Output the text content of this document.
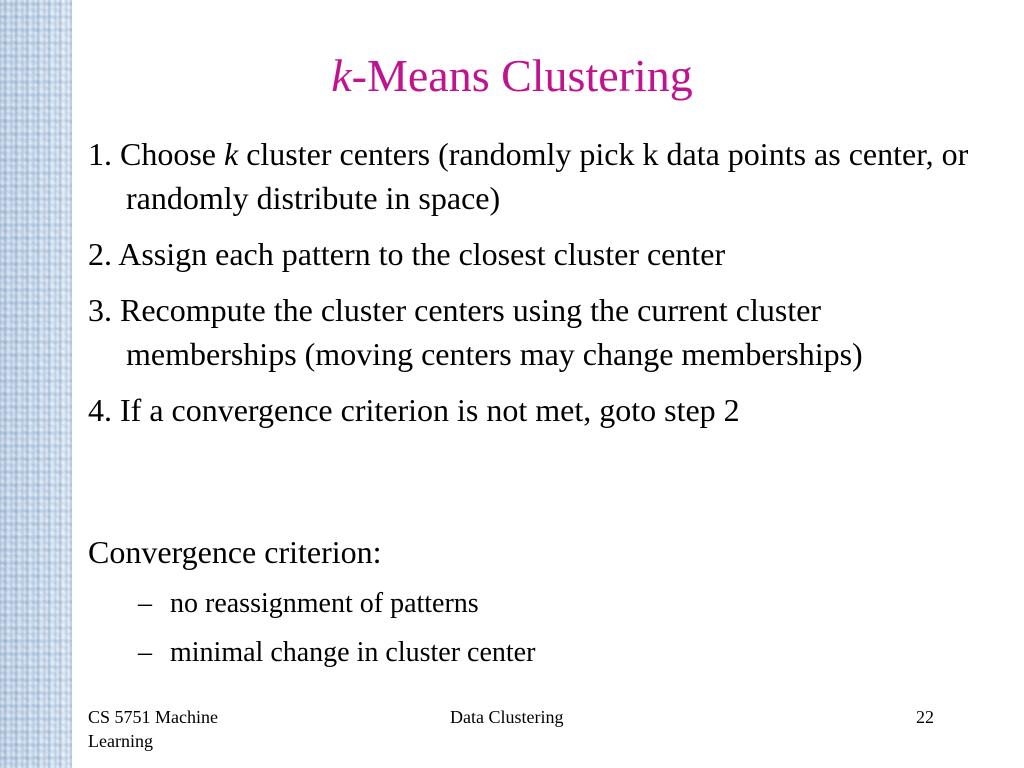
k-Means Clustering
1. Choose k cluster centers (randomly pick k data points as center, or randomly distribute in space)
2. Assign each pattern to the closest cluster center
3. Recompute the cluster centers using the current cluster memberships (moving centers may change memberships)
4. If a convergence criterion is not met, goto step 2
Convergence criterion:
– no reassignment of patterns
– minimal change in cluster center
CS 5751 Machine Learning
Data Clustering	22
